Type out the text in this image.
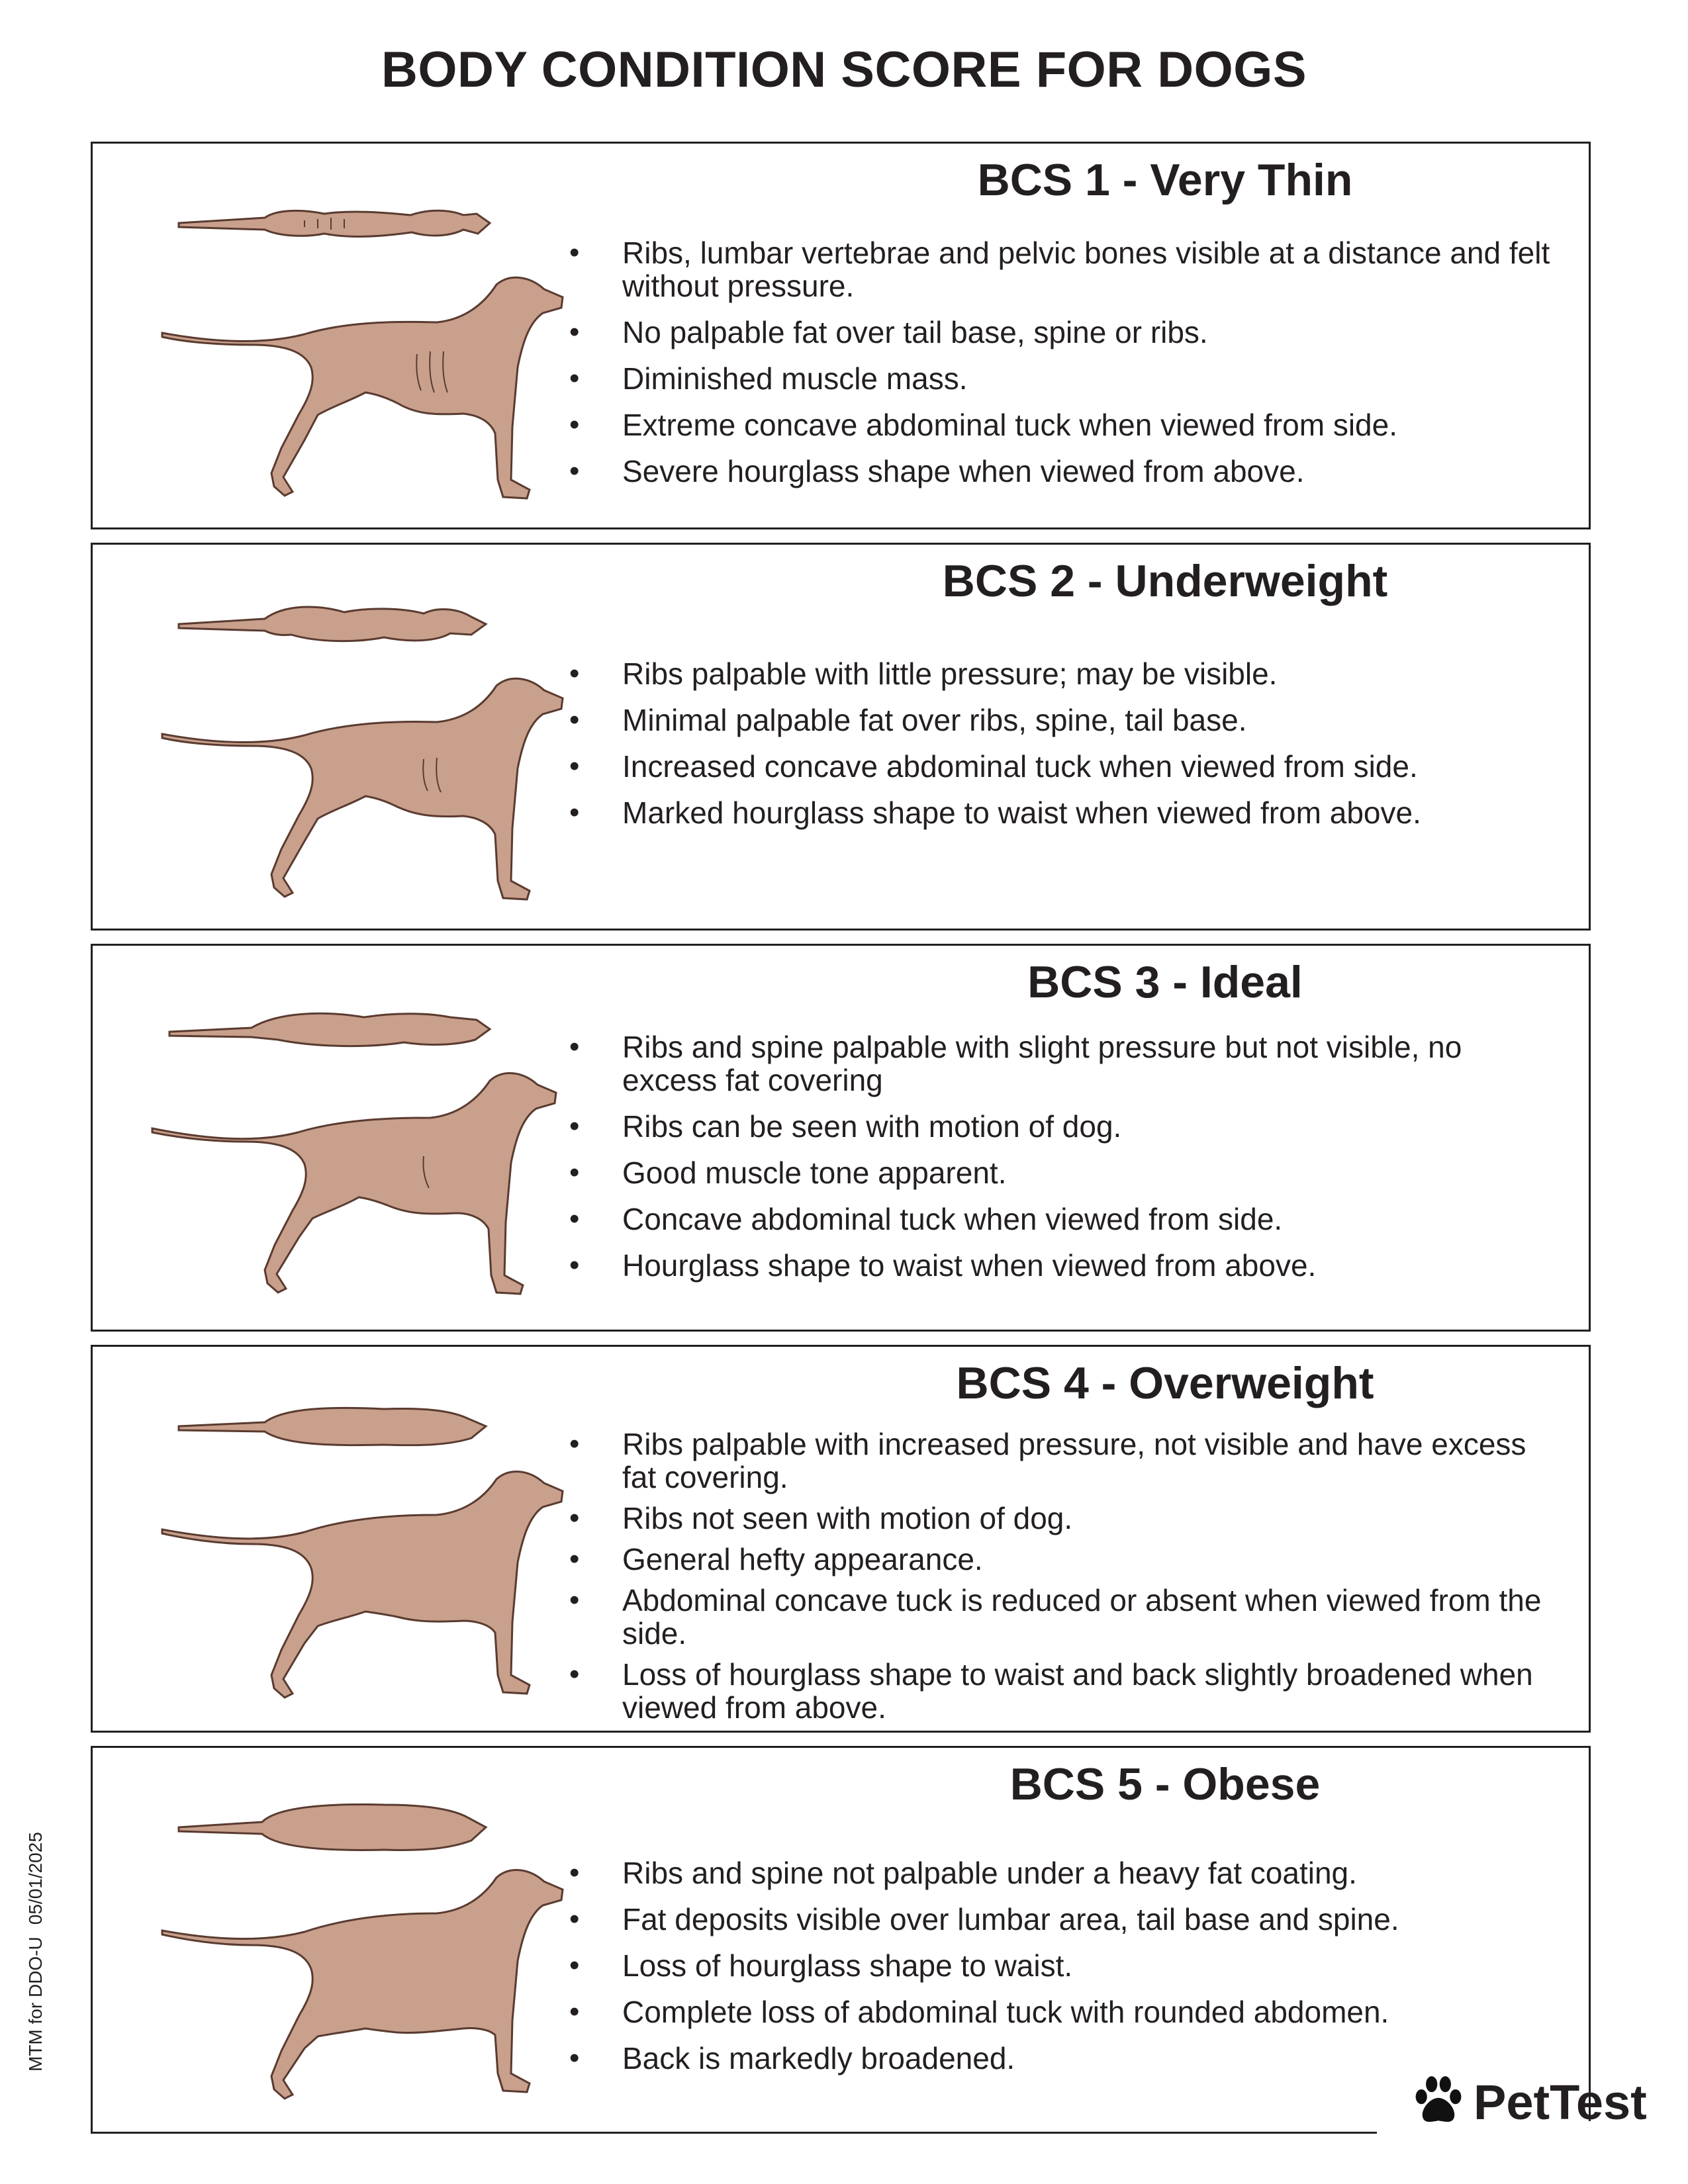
BODY CONDITION SCORE FOR DOGS
BCS 1 - Very Thin
• Ribs, lumbar vertebrae and pelvic bones visible at a distance and felt without pressure.
• No palpable fat over tail base, spine or ribs.
• Diminished muscle mass.
• Extreme concave abdominal tuck when viewed from side.
• Severe hourglass shape when viewed from above.
BCS 2 - Underweight
• Ribs palpable with little pressure; may be visible.
• Minimal palpable fat over ribs, spine, tail base.
• Increased concave abdominal tuck when viewed from side.
• Marked hourglass shape to waist when viewed from above.
BCS 3 - Ideal
• Ribs and spine palpable with slight pressure but not visible, no excess fat covering
• Ribs can be seen with motion of dog.
• Good muscle tone apparent.
• Concave abdominal tuck when viewed from side.
• Hourglass shape to waist when viewed from above.
BCS 4 - Overweight
• Ribs palpable with increased pressure, not visible and have excess fat covering.
• Ribs not seen with motion of dog.
• General hefty appearance.
• Abdominal concave tuck is reduced or absent when viewed from the side.
• Loss of hourglass shape to waist and back slightly broadened when viewed from above.
BCS 5 - Obese
• Ribs and spine not palpable under a heavy fat coating.
• Fat deposits visible over lumbar area, tail base and spine.
• Loss of hourglass shape to waist.
• Complete loss of abdominal tuck with rounded abdomen.
• Back is markedly broadened.

MTM for DDO-U05/01/2025

PetTest
